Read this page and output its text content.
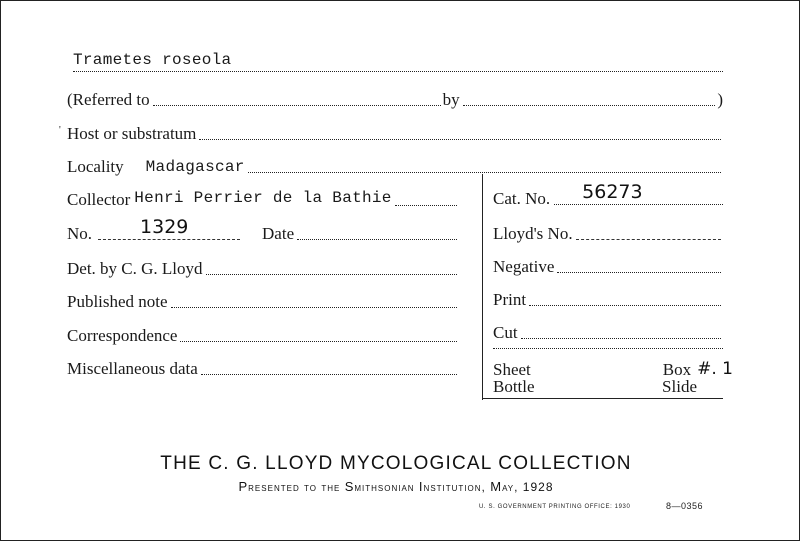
Trametes roseola
(Referred to	by	)
' Host or substratum
Locality Madagascar
Collector Henri Perrier de la Bathie
No.	1329	Date
Det. by C. G. Lloyd
Published note
Correspondence
Miscellaneous data
Cat. No. 56273
Lloyd's No.
Negative
Print
Cut
Sheet	Box #. 1
Bottle	Slide
THE C. G. LLOYD MYCOLOGICAL COLLECTION
Presented to the Smithsonian Institution, May, 1928
U. S. GOVERNMENT PRINTING OFFICE: 1930	8—0356
